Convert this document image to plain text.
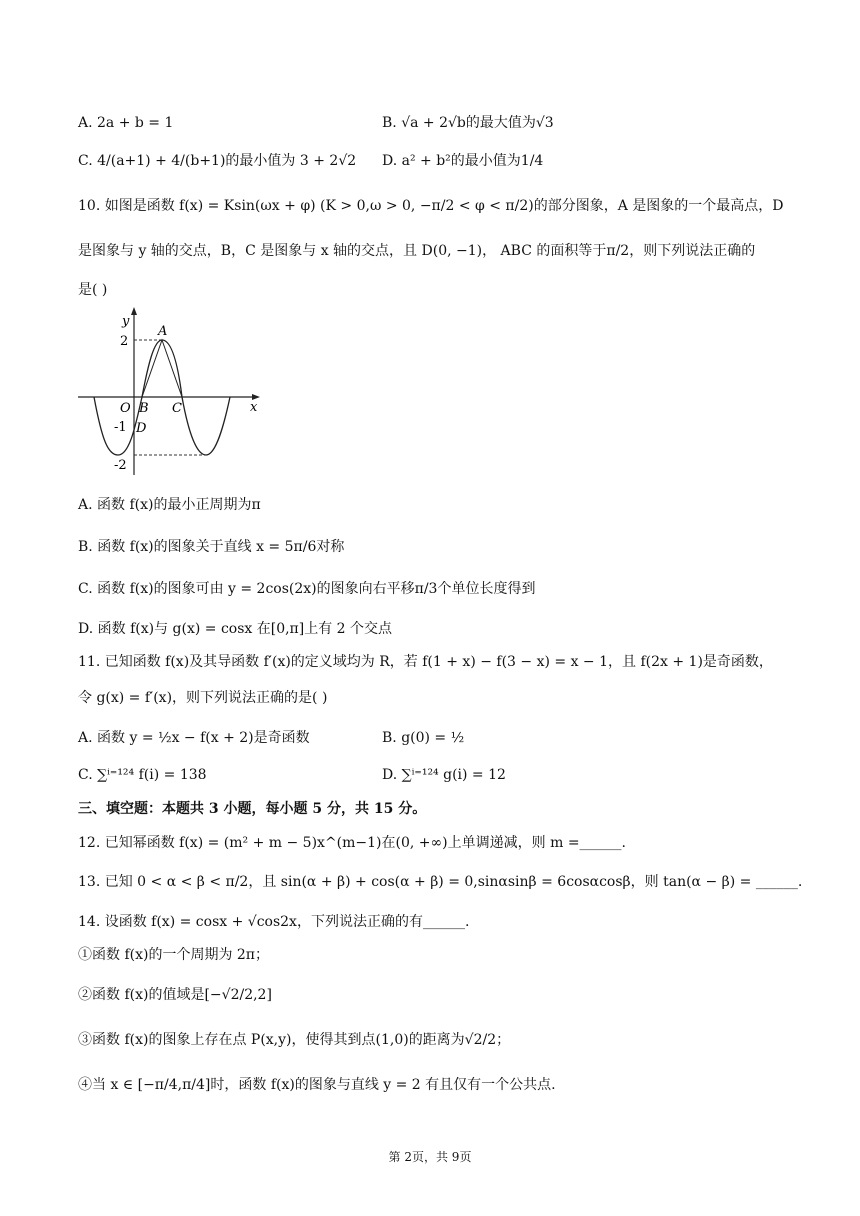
A. 2a + b = 1	B. √a + 2√b的最大值为√3
C. 4/(a+1) + 4/(b+1)的最小值为 3 + 2√2 D. a² + b²的最小值为1/4
10. 如图是函数 f(x) = Ksin(ωx + φ) (K > 0,ω > 0, −π/2 < φ < π/2)的部分图象，A 是图象的一个最高点，D
是图象与 y 轴的交点，B，C 是图象与 x 轴的交点，且 D(0, −1)， ABC 的面积等于π/2，则下列说法正确的
是( )
y
x
A
O B C
D
2
-1
-2
A. 函数 f(x)的最小正周期为π
B. 函数 f(x)的图象关于直线 x = 5π/6对称
C. 函数 f(x)的图象可由 y = 2cos(2x)的图象向右平移π/3个单位长度得到
D. 函数 f(x)与 g(x) = cosx 在[0,π]上有 2 个交点
11. 已知函数 f(x)及其导函数 f′(x)的定义域均为 R，若 f(1 + x) − f(3 − x) = x − 1，且 f(2x + 1)是奇函数，
令 g(x) = f′(x)，则下列说法正确的是( )
A. 函数 y = ½x − f(x + 2)是奇函数	B. g(0) = ½
C. ∑ⁱ⁼¹²⁴ f(i) = 138	D. ∑ⁱ⁼¹²⁴ g(i) = 12
三、填空题：本题共 3 小题，每小题 5 分，共 15 分。
12. 已知幂函数 f(x) = (m² + m − 5)x^(m−1)在(0, +∞)上单调递减，则 m =______.
13. 已知 0 < α < β < π/2，且 sin(α + β) + cos(α + β) = 0,sinαsinβ = 6cosαcosβ，则 tan(α − β) = ______.
14. 设函数 f(x) = cosx + √cos2x，下列说法正确的有______.
①函数 f(x)的一个周期为 2π；
②函数 f(x)的值域是[−√2/2,2]
③函数 f(x)的图象上存在点 P(x,y)，使得其到点(1,0)的距离为√2/2；
④当 x ∈ [−π/4,π/4]时，函数 f(x)的图象与直线 y = 2 有且仅有一个公共点.
第 2页，共 9页
